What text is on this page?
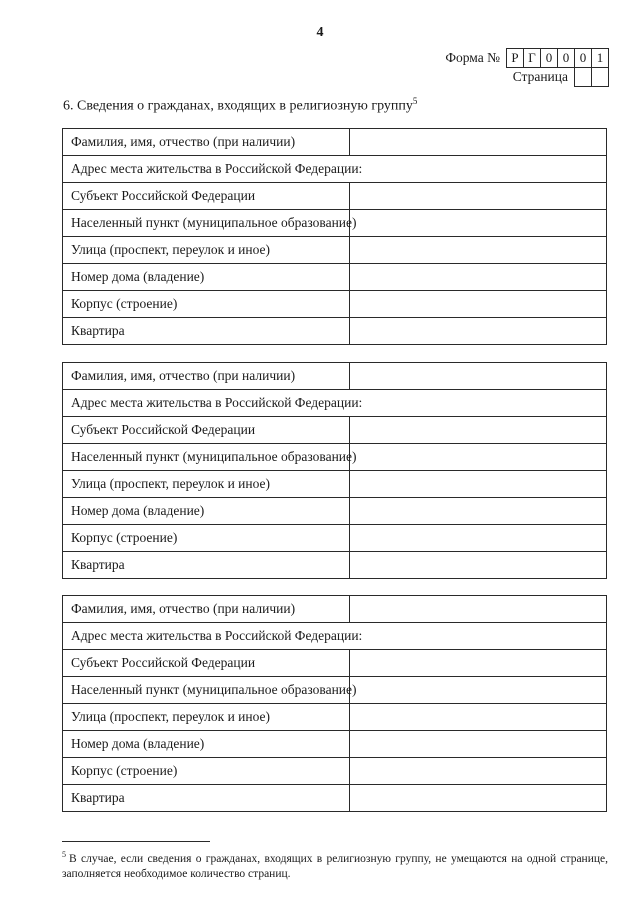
4
Форма № Р Г 0 0 0 1
Страница
6. Сведения о гражданах, входящих в религиозную группу$^5$
Фамилия, имя, отчество (при наличии)
Адрес места жительства в Российской Федерации:
Субъект Российской Федерации
Населенный пункт (муниципальное образование)
Улица (проспект, переулок и иное)
Номер дома (владение)
Корпус (строение)
Квартира
Фамилия, имя, отчество (при наличии)
Адрес места жительства в Российской Федерации:
Субъект Российской Федерации
Населенный пункт (муниципальное образование)
Улица (проспект, переулок и иное)
Номер дома (владение)
Корпус (строение)
Квартира
Фамилия, имя, отчество (при наличии)
Адрес места жительства в Российской Федерации:
Субъект Российской Федерации
Населенный пункт (муниципальное образование)
Улица (проспект, переулок и иное)
Номер дома (владение)
Корпус (строение)
Квартира
$^5$ В случае, если сведения о гражданах, входящих в религиозную группу, не умещаются на одной странице, заполняется необходимое количество страниц.
